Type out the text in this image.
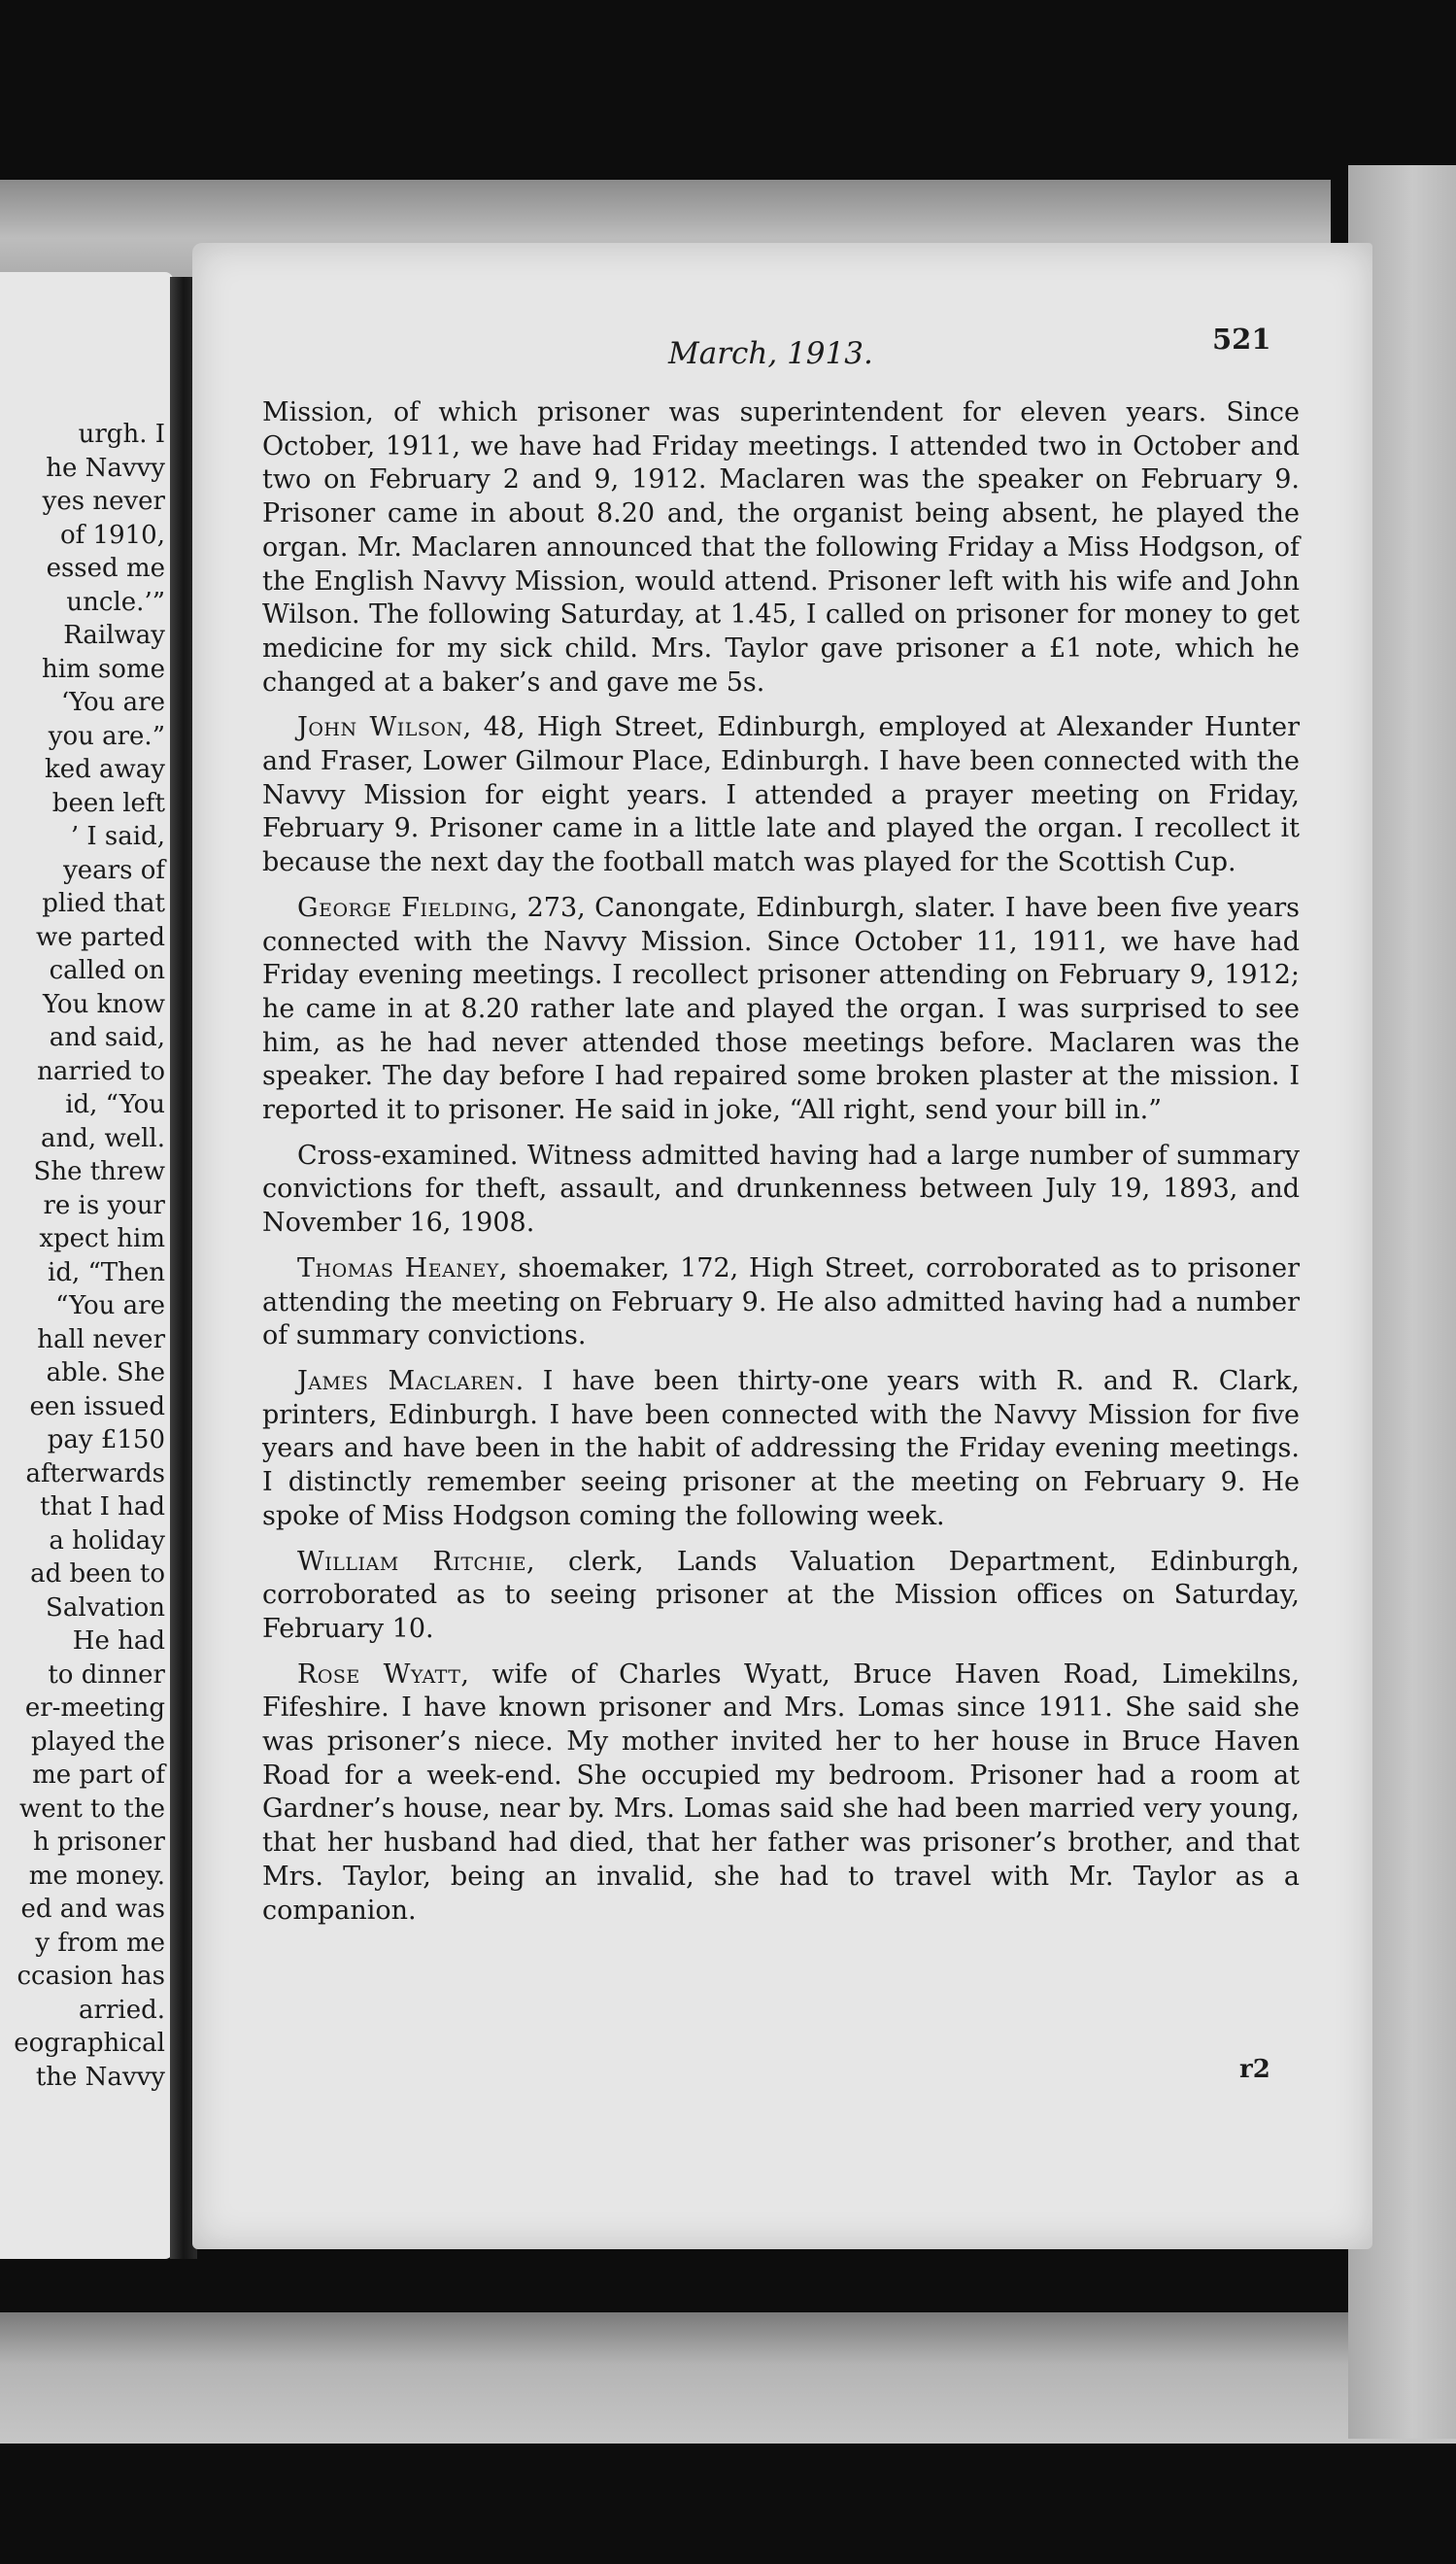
urgh. I
he Navvy
yes never
of 1910,
essed me
uncle.’”
Railway
him some
‘You are
you are.”
ked away
been left
’ I said,
years of
plied that
we parted
called on
You know
and said,
narried to
id, “You
and, well.
She threw
re is your
xpect him
id, “Then
“You are
hall never
able. She
een issued
pay £150
afterwards
that I had
a holiday
ad been to
Salvation
He had
to dinner
er-meeting
played the
me part of
went to the
h prisoner
me money.
ed and was
y from me
ccasion has
arried.
eographical
the Navvy
March, 1913.	521

Mission, of which prisoner was superintendent for eleven years. Since October, 1911, we have had Friday meetings. I attended two in October and two on February 2 and 9, 1912. Maclaren was the speaker on February 9. Prisoner came in about 8.20 and, the organist being absent, he played the organ. Mr. Maclaren announced that the following Friday a Miss Hodgson, of the English Navvy Mission, would attend. Prisoner left with his wife and John Wilson. The following Saturday, at 1.45, I called on prisoner for money to get medicine for my sick child. Mrs. Taylor gave prisoner a £1 note, which he changed at a baker’s and gave me 5s.

John Wilson, 48, High Street, Edinburgh, employed at Alexander Hunter and Fraser, Lower Gilmour Place, Edinburgh. I have been connected with the Navvy Mission for eight years. I attended a prayer meeting on Friday, February 9. Prisoner came in a little late and played the organ. I recollect it because the next day the football match was played for the Scottish Cup.

George Fielding, 273, Canongate, Edinburgh, slater. I have been five years connected with the Navvy Mission. Since October 11, 1911, we have had Friday evening meetings. I recollect prisoner attending on February 9, 1912; he came in at 8.20 rather late and played the organ. I was surprised to see him, as he had never attended those meetings before. Maclaren was the speaker. The day before I had repaired some broken plaster at the mission. I reported it to prisoner. He said in joke, “All right, send your bill in.”

Cross-examined. Witness admitted having had a large number of summary convictions for theft, assault, and drunkenness between July 19, 1893, and November 16, 1908.

Thomas Heaney, shoemaker, 172, High Street, corroborated as to prisoner attending the meeting on February 9. He also admitted having had a number of summary convictions.

James Maclaren. I have been thirty-one years with R. and R. Clark, printers, Edinburgh. I have been connected with the Navvy Mission for five years and have been in the habit of addressing the Friday evening meetings. I distinctly remember seeing prisoner at the meeting on February 9. He spoke of Miss Hodgson coming the following week.

William Ritchie, clerk, Lands Valuation Department, Edinburgh, corroborated as to seeing prisoner at the Mission offices on Saturday, February 10.

Rose Wyatt, wife of Charles Wyatt, Bruce Haven Road, Limekilns, Fifeshire. I have known prisoner and Mrs. Lomas since 1911. She said she was prisoner’s niece. My mother invited her to her house in Bruce Haven Road for a week-end. She occupied my bedroom. Prisoner had a room at Gardner’s house, near by. Mrs. Lomas said she had been married very young, that her husband had died, that her father was prisoner’s brother, and that Mrs. Taylor, being an invalid, she had to travel with Mr. Taylor as a companion.

r2
